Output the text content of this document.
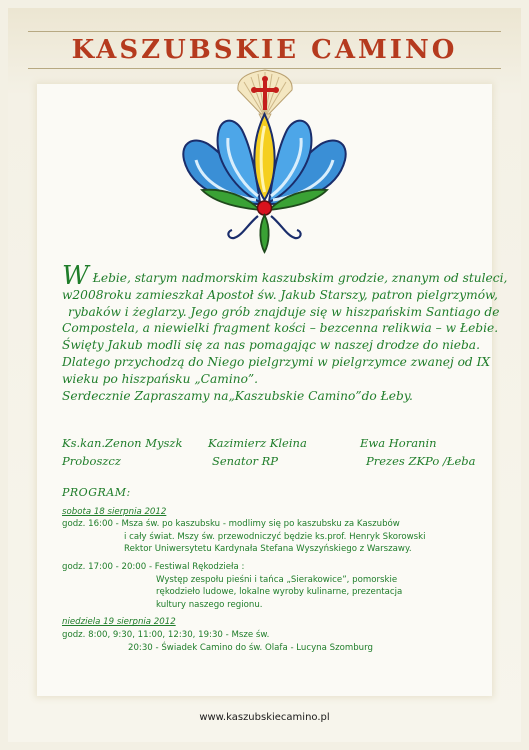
KASZUBSKIE CAMINO
W Łebie, starym nadmorskim kaszubskim grodzie, znanym od stuleci,
w2008roku zamieszkał Apostoł św. Jakub Starszy, patron pielgrzymów,
rybaków i żeglarzy. Jego grób znajduje się w hiszpańskim Santiago de
Compostela, a niewielki fragment kości – bezcenna relikwia – w Łebie.
Święty Jakub modli się za nas pomagając w naszej drodze do nieba.
Dlatego przychodzą do Niego pielgrzymi w pielgrzymce zwanej od IX
wieku po hiszpańsku „Camino”.
Serdecznie Zapraszamy na„Kaszubskie Camino”do Łeby.
Ks.kan.Zenon Myszk
Proboszcz
Kazimierz Kleina
Senator RP
Ewa Horanin
Prezes ZKPo /Łeba
PROGRAM:
sobota 18 sierpnia 2012
godz. 16:00 - Msza św. po kaszubsku - modlimy się po kaszubsku za Kaszubów
i cały świat. Mszy św. przewodniczyć będzie ks.prof. Henryk Skorowski
Rektor Uniwersytetu Kardynała Stefana Wyszyńskiego z Warszawy.
godz. 17:00 - 20:00 - Festiwal Rękodzieła :
Występ zespołu pieśni i tańca „Sierakowice”, pomorskie
rękodzieło ludowe, lokalne wyroby kulinarne, prezentacja
kultury naszego regionu.
niedziela 19 sierpnia 2012
godz. 8:00, 9:30, 11:00, 12:30, 19:30 - Msze św.
20:30 - Świadek Camino do św. Olafa - Lucyna Szomburg
www.kaszubskiecamino.pl
